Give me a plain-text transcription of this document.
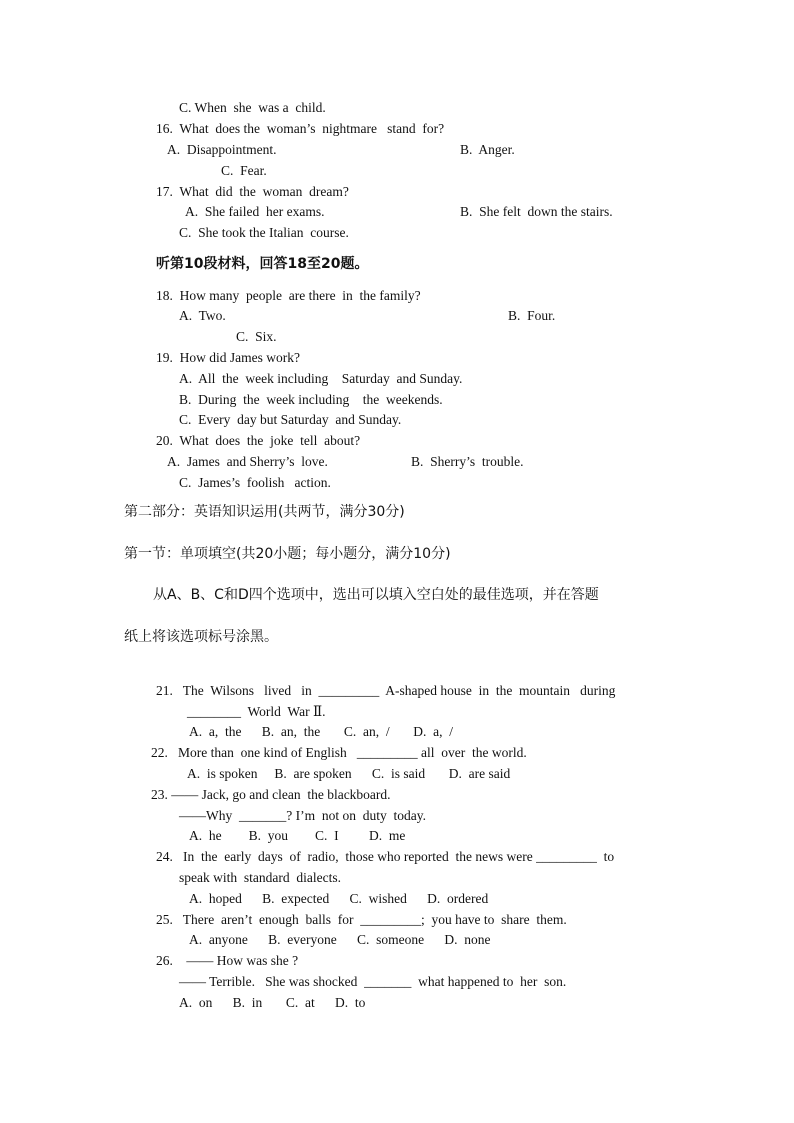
C. When  she  was a  child.
16.  What  does the  woman’s  nightmare   stand  for?
A.  Disappointment.	B.  Anger.
C.  Fear.
17.  What  did  the  woman  dream?
A.  She failed  her exams.	B.  She felt  down the stairs.
C.  She took the Italian  course.
听第10段材料，回答18至20题。
18.  How many  people  are there  in  the family?
A.  Two.	B.  Four.
C.  Six.
19.  How did James work?
A.  All  the  week including    Saturday  and Sunday.
B.  During  the  week including    the  weekends.
C.  Every  day but Saturday  and Sunday.
20.  What  does  the  joke  tell  about?
A.  James  and Sherry’s  love.	B.  Sherry’s  trouble.
C.  James’s  foolish   action.
第二部分：英语知识运用(共两节，满分30分)
第一节：单项填空(共20小题；每小题分，满分10分)
从A、B、C和D四个选项中，选出可以填入空白处的最佳选项，并在答题
纸上将该选项标号涂黑。
21.   The  Wilsons   lived   in  _________  A-shaped house  in  the  mountain   during
________  World  War Ⅱ.
A.  a,  the      B.  an,  the       C.  an,  /       D.  a,  /
22.   More than  one kind of English   _________ all  over  the world.
A.  is spoken     B.  are spoken      C.  is said       D.  are said
23. —— Jack, go and clean  the blackboard.
——Why  _______? I’m  not on  duty  today.
A.  he        B.  you        C.  I         D.  me
24.   In  the  early  days  of  radio,  those who reported  the news were _________  to
speak with  standard  dialects.
A.  hoped      B.  expected      C.  wished      D.  ordered
25.   There  aren’t  enough  balls  for  _________;  you have to  share  them.
A.  anyone      B.  everyone      C.  someone      D.  none
26.    —— How was she ?
—— Terrible.   She was shocked  _______  what happened to  her  son.
A.  on      B.  in       C.  at      D.  to
